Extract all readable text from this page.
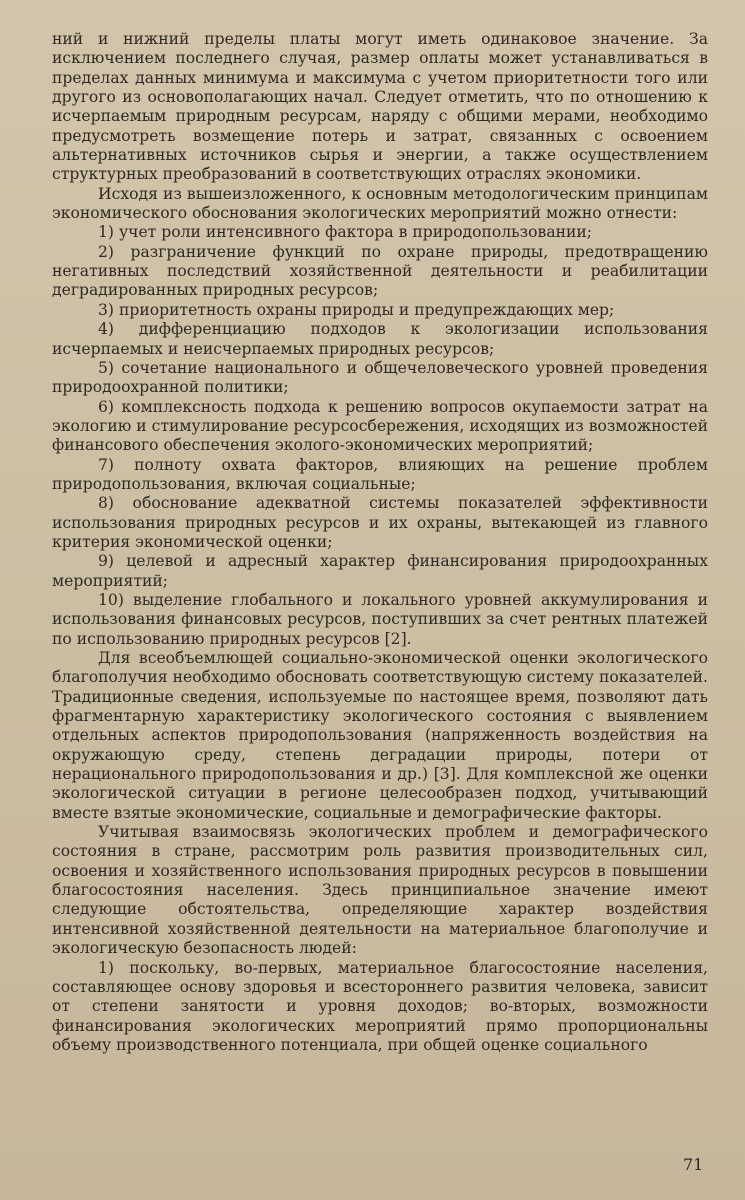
ний и нижний пределы платы могут иметь одинаковое значение. За исключением последнего случая, размер оплаты может устанавливаться в пределах данных минимума и максимума с учетом приоритетности того или другого из основополагающих начал. Следует отметить, что по отношению к исчерпаемым природным ресурсам, наряду с общими мерами, необходимо предусмотреть возмещение потерь и затрат, связанных с освоением альтернативных источников сырья и энергии, а также осуществлением структурных преобразований в соответствующих отраслях экономики.

Исходя из вышеизложенного, к основным методологическим принципам экономического обоснования экологических мероприятий можно отнести:

1) учет роли интенсивного фактора в природопользовании;

2) разграничение функций по охране природы, предотвращению негативных последствий хозяйственной деятельности и реабилитации деградированных природных ресурсов;

3) приоритетность охраны природы и предупреждающих мер;

4) дифференциацию подходов к экологизации использования исчерпаемых и неисчерпаемых природных ресурсов;

5) сочетание национального и общечеловеческого уровней проведения природоохранной политики;

6) комплексность подхода к решению вопросов окупаемости затрат на экологию и стимулирование ресурсосбережения, исходящих из возможностей финансового обеспечения эколого-экономических мероприятий;

7) полноту охвата факторов, влияющих на решение проблем природопользования, включая социальные;

8) обоснование адекватной системы показателей эффективности использования природных ресурсов и их охраны, вытекающей из главного критерия экономической оценки;

9) целевой и адресный характер финансирования природоохранных мероприятий;

10) выделение глобального и локального уровней аккумулирования и использования финансовых ресурсов, поступивших за счет рентных платежей по использованию природных ресурсов [2].

Для всеобъемлющей социально-экономической оценки экологического благополучия необходимо обосновать соответствующую систему показателей. Традиционные сведения, используемые по настоящее время, позволяют дать фрагментарную характеристику экологического состояния с выявлением отдельных аспектов природопользования (напряженность воздействия на окружающую среду, степень деградации природы, потери от нерационального природопользования и др.) [3]. Для комплексной же оценки экологической ситуации в регионе целесообразен подход, учитывающий вместе взятые экономические, социальные и демографические факторы.

Учитывая взаимосвязь экологических проблем и демографического состояния в стране, рассмотрим роль развития производительных сил, освоения и хозяйственного использования природных ресурсов в повышении благосостояния населения. Здесь принципиальное значение имеют следующие обстоятельства, определяющие характер воздействия интенсивной хозяйственной деятельности на материальное благополучие и экологическую безопасность людей:

1) поскольку, во-первых, материальное благосостояние населения, составляющее основу здоровья и всестороннего развития человека, зависит от степени занятости и уровня доходов; во-вторых, возможности финансирования экологических мероприятий прямо пропорциональны объему производственного потенциала, при общей оценке социального

71
